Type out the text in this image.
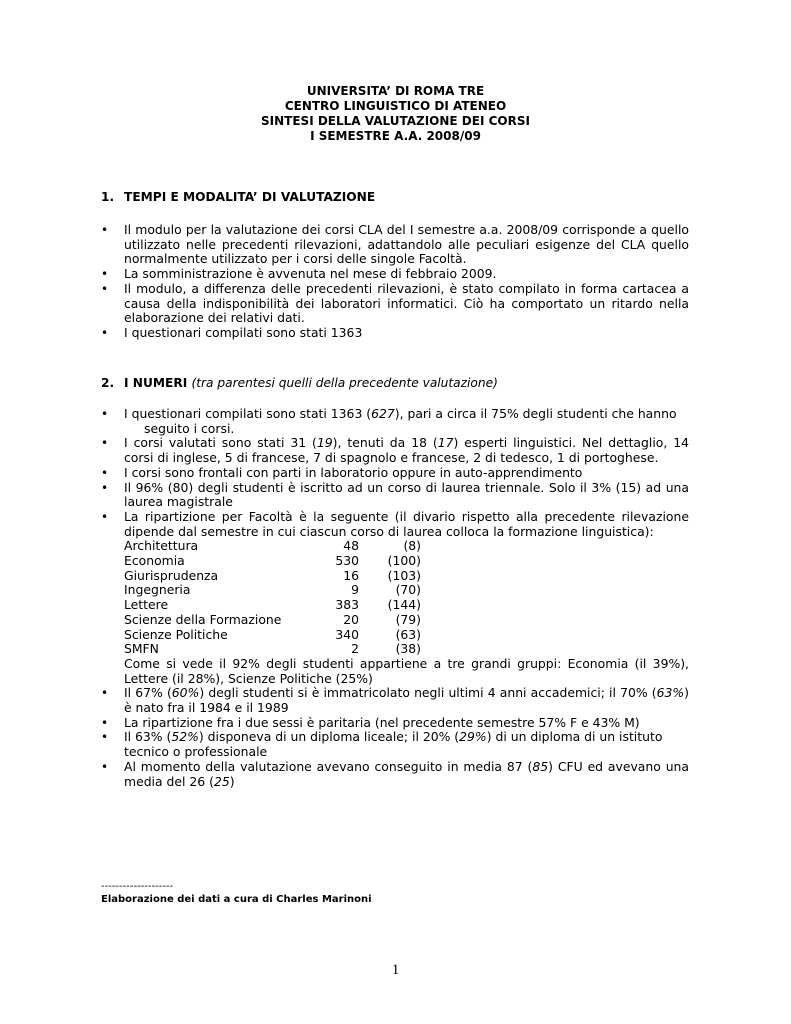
UNIVERSITA’ DI ROMA TRE
CENTRO LINGUISTICO DI ATENEO
SINTESI DELLA VALUTAZIONE DEI CORSI
I SEMESTRE A.A. 2008/09
1. TEMPI E MODALITA’ DI VALUTAZIONE
• Il modulo per la valutazione dei corsi CLA del I semestre a.a. 2008/09 corrisponde a quello utilizzato nelle precedenti rilevazioni, adattandolo alle peculiari esigenze del CLA quello normalmente utilizzato per i corsi delle singole Facoltà.
• La somministrazione è avvenuta nel mese di febbraio 2009.
• Il modulo, a differenza delle precedenti rilevazioni, è stato compilato in forma cartacea a causa della indisponibilità dei laboratori informatici. Ciò ha comportato un ritardo nella elaborazione dei relativi dati.
• I questionari compilati sono stati 1363
2. I NUMERI (tra parentesi quelli della precedente valutazione)
• I questionari compilati sono stati 1363 (627), pari a circa il 75% degli studenti che hanno
seguito i corsi.
• I corsi valutati sono stati 31 (19), tenuti da 18 (17) esperti linguistici. Nel dettaglio, 14 corsi di inglese, 5 di francese, 7 di spagnolo e francese, 2 di tedesco, 1 di portoghese.
• I corsi sono frontali con parti in laboratorio oppure in auto-apprendimento
• Il 96% (80) degli studenti è iscritto ad un corso di laurea triennale. Solo il 3% (15) ad una laurea magistrale
• La ripartizione per Facoltà è la seguente (il divario rispetto alla precedente rilevazione dipende dal semestre in cui ciascun corso di laurea colloca la formazione linguistica):
Architettura	48	(8)
Economia	530	(100)
Giurisprudenza	16	(103)
Ingegneria	9	(70)
Lettere	383	(144)
Scienze della Formazione	20	(79)
Scienze Politiche	340	(63)
SMFN	2	(38)
Come si vede il 92% degli studenti appartiene a tre grandi gruppi: Economia (il 39%), Lettere (il 28%), Scienze Politiche (25%)
• Il 67% (60%) degli studenti si è immatricolato negli ultimi 4 anni accademici; il 70% (63%) è nato fra il 1984 e il 1989
• La ripartizione fra i due sessi è paritaria (nel precedente semestre 57% F e 43% M)
• Il 63% (52%) disponeva di un diploma liceale; il 20% (29%) di un diploma di un istituto
tecnico o professionale
• Al momento della valutazione avevano conseguito in media 87 (85) CFU ed avevano una media del 26 (25)
--------------------
Elaborazione dei dati a cura di Charles Marinoni
1
